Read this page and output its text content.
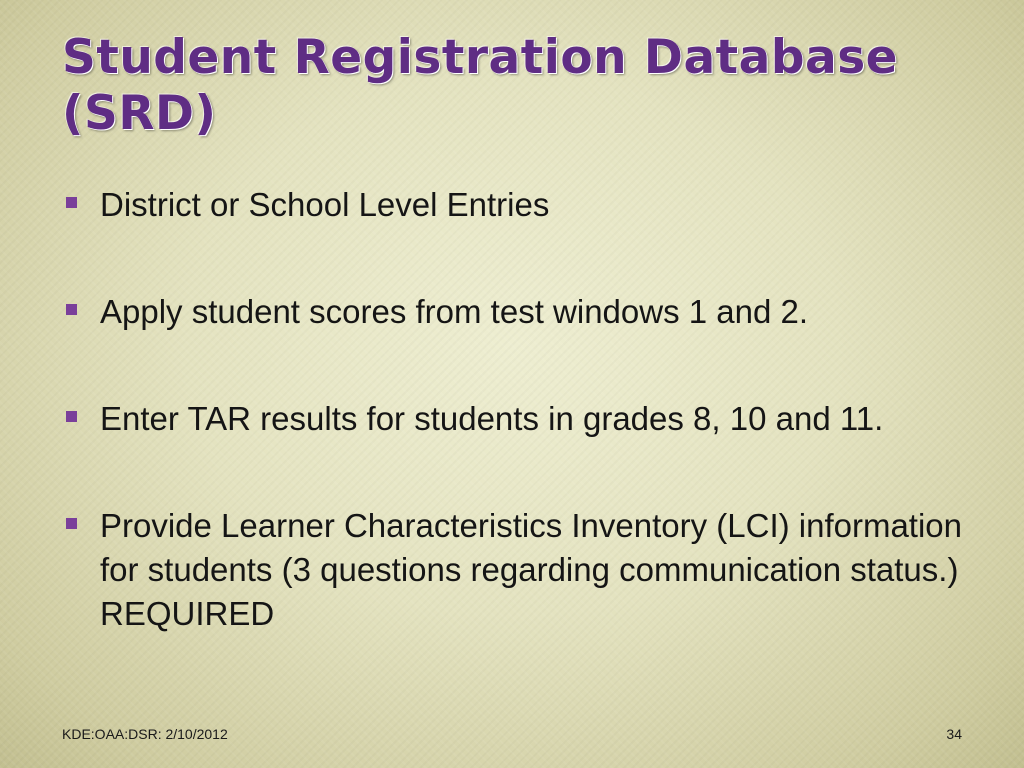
Student Registration Database
(SRD)
District or School Level Entries
Apply student scores from test windows 1 and 2.
Enter TAR results for students in grades 8, 10 and 11.
Provide Learner Characteristics Inventory (LCI) information for students (3 questions regarding communication status.) REQUIRED
KDE:OAA:DSR: 2/10/2012	34
